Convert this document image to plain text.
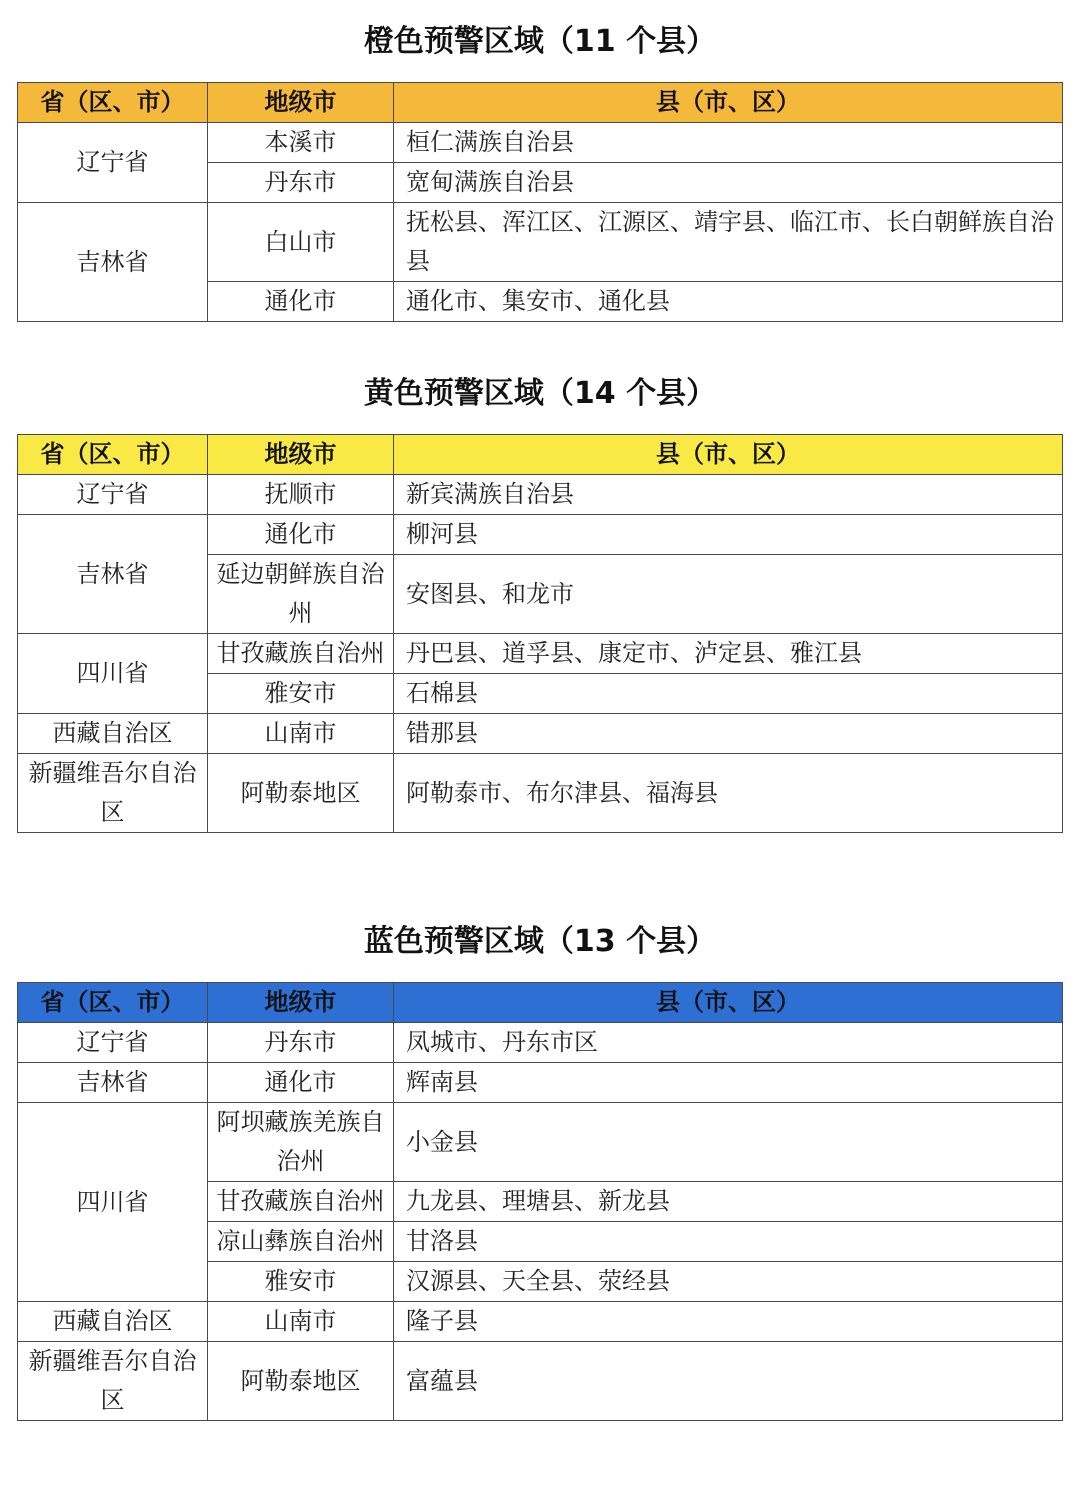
橙色预警区域（11 个县）
省（区、市）	地级市	县（市、区）
辽宁省	本溪市	桓仁满族自治县
	丹东市	宽甸满族自治县
吉林省	白山市	抚松县、浑江区、江源区、靖宇县、临江市、长白朝鲜族自治县
	通化市	通化市、集安市、通化县
黄色预警区域（14 个县）
省（区、市）	地级市	县（市、区）
辽宁省	抚顺市	新宾满族自治县
吉林省	通化市	柳河县
	延边朝鲜族自治州	安图县、和龙市
四川省	甘孜藏族自治州	丹巴县、道孚县、康定市、泸定县、雅江县
	雅安市	石棉县
西藏自治区	山南市	错那县
新疆维吾尔自治区	阿勒泰地区	阿勒泰市、布尔津县、福海县
蓝色预警区域（13 个县）
省（区、市）	地级市	县（市、区）
辽宁省	丹东市	凤城市、丹东市区
吉林省	通化市	辉南县
四川省	阿坝藏族羌族自治州	小金县
	甘孜藏族自治州	九龙县、理塘县、新龙县
	凉山彝族自治州	甘洛县
	雅安市	汉源县、天全县、荥经县
西藏自治区	山南市	隆子县
新疆维吾尔自治区	阿勒泰地区	富蕴县
